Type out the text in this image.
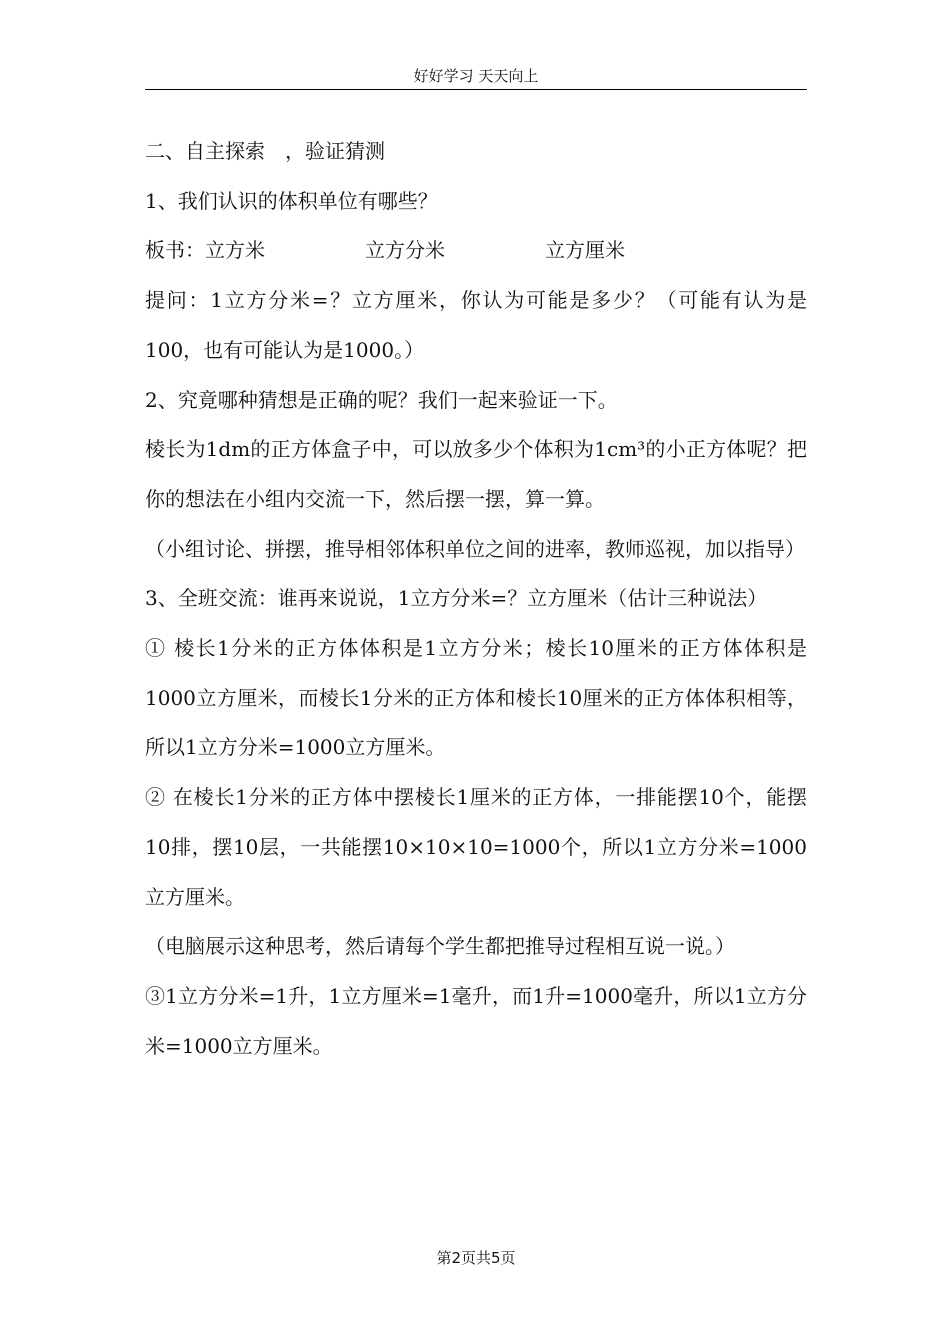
好好学习 天天向上

二、自主探索　，验证猜测

1、我们认识的体积单位有哪些？

板书：立方米　　　　　立方分米　　　　　立方厘米

提问：1立方分米=？立方厘米，你认为可能是多少？（可能有认为是100，也有可能认为是1000。）

2、究竟哪种猜想是正确的呢？我们一起来验证一下。

棱长为1dm的正方体盒子中，可以放多少个体积为1cm³的小正方体呢？把你的想法在小组内交流一下，然后摆一摆，算一算。

（小组讨论、拼摆，推导相邻体积单位之间的进率，教师巡视，加以指导）

3、全班交流：谁再来说说，1立方分米=？立方厘米（估计三种说法）

① 棱长1分米的正方体体积是1立方分米；棱长10厘米的正方体体积是1000立方厘米，而棱长1分米的正方体和棱长10厘米的正方体体积相等，所以1立方分米=1000立方厘米。

② 在棱长1分米的正方体中摆棱长1厘米的正方体，一排能摆10个，能摆10排，摆10层，一共能摆10×10×10=1000个，所以1立方分米=1000立方厘米。

（电脑展示这种思考，然后请每个学生都把推导过程相互说一说。）

③1立方分米=1升，1立方厘米=1毫升，而1升=1000毫升，所以1立方分米=1000立方厘米。

第2页共5页
